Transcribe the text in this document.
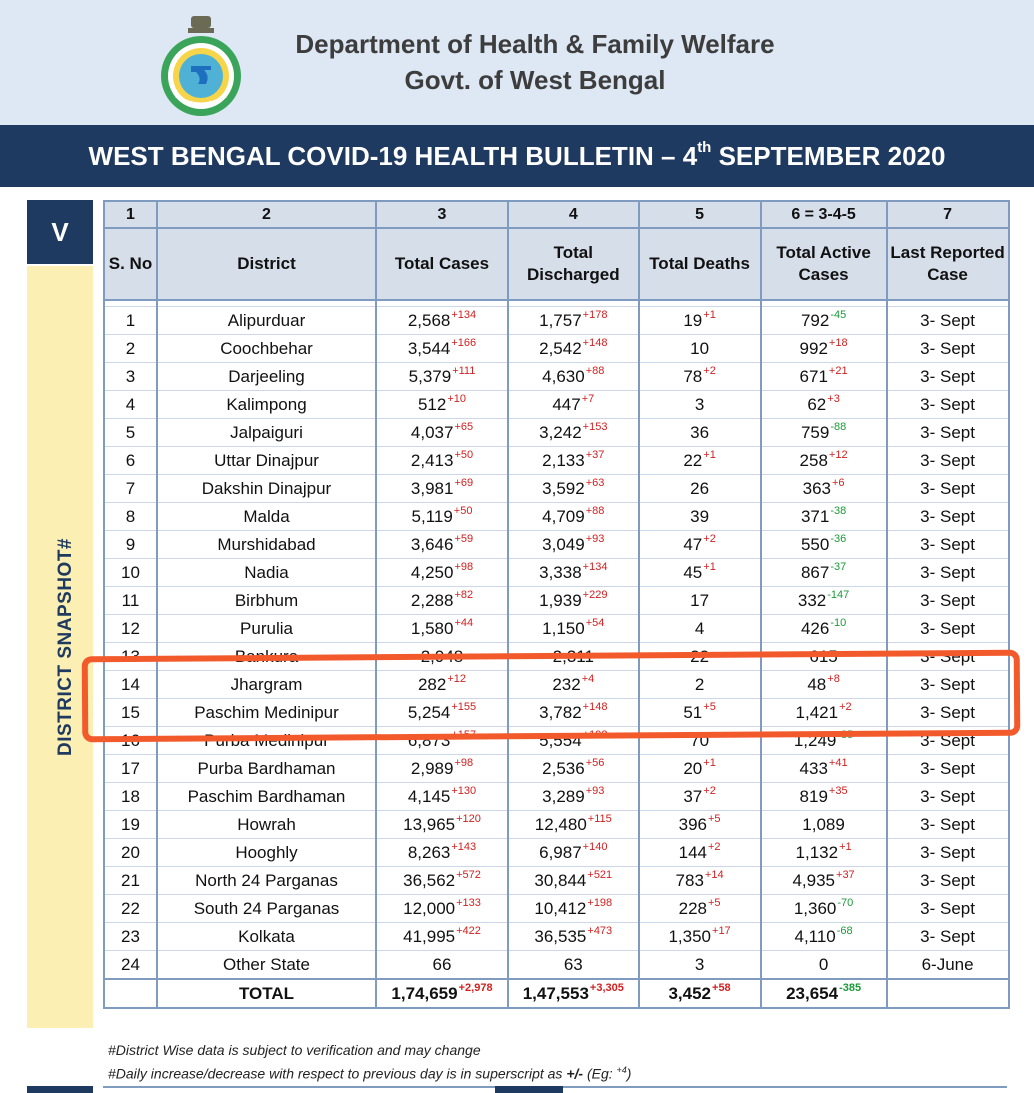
Department of Health & Family Welfare
Govt. of West Bengal
WEST BENGAL COVID-19 HEALTH BULLETIN – 4th SEPTEMBER 2020
V
DISTRICT SNAPSHOT#
1	2	3	4	5	6 = 3-4-5	7
S. No	District	Total Cases	Total Discharged	Total Deaths	Total Active Cases	Last Reported Case

1	Alipurduar	$2,568^{+134}$	$1,757^{+178}$	$19^{+1}$	$792^{-45}$	3- Sept
2	Coochbehar	$3,544^{+166}$	$2,542^{+148}$	10	$992^{+18}$	3- Sept
3	Darjeeling	$5,379^{+111}$	$4,630^{+88}$	$78^{+2}$	$671^{+21}$	3- Sept
4	Kalimpong	$512^{+10}$	$447^{+7}$	3	$62^{+3}$	3- Sept
5	Jalpaiguri	$4,037^{+65}$	$3,242^{+153}$	36	$759^{-88}$	3- Sept
6	Uttar Dinajpur	$2,413^{+50}$	$2,133^{+37}$	$22^{+1}$	$258^{+12}$	3- Sept
7	Dakshin Dinajpur	$3,981^{+69}$	$3,592^{+63}$	26	$363^{+6}$	3- Sept
8	Malda	$5,119^{+50}$	$4,709^{+88}$	39	$371^{-38}$	3- Sept
9	Murshidabad	$3,646^{+59}$	$3,049^{+93}$	$47^{+2}$	$550^{-36}$	3- Sept
10	Nadia	$4,250^{+98}$	$3,338^{+134}$	$45^{+1}$	$867^{-37}$	3- Sept
11	Birbhum	$2,288^{+82}$	$1,939^{+229}$	17	$332^{-147}$	3- Sept
12	Purulia	$1,580^{+44}$	$1,150^{+54}$	4	$426^{-10}$	3- Sept
13	Bankura	2,948	2,311	22	615	3- Sept
14	Jhargram	$282^{+12}$	$232^{+4}$	2	$48^{+8}$	3- Sept
15	Paschim Medinipur	$5,254^{+155}$	$3,782^{+148}$	$51^{+5}$	$1,421^{+2}$	3- Sept
16	Purba Medinipur	$6,873^{+157}$	$5,554^{+192}$	70	$1,249^{-35}$	3- Sept
17	Purba Bardhaman	$2,989^{+98}$	$2,536^{+56}$	$20^{+1}$	$433^{+41}$	3- Sept
18	Paschim Bardhaman	$4,145^{+130}$	$3,289^{+93}$	$37^{+2}$	$819^{+35}$	3- Sept
19	Howrah	$13,965^{+120}$	$12,480^{+115}$	$396^{+5}$	1,089	3- Sept
20	Hooghly	$8,263^{+143}$	$6,987^{+140}$	$144^{+2}$	$1,132^{+1}$	3- Sept
21	North 24 Parganas	$36,562^{+572}$	$30,844^{+521}$	$783^{+14}$	$4,935^{+37}$	3- Sept
22	South 24 Parganas	$12,000^{+133}$	$10,412^{+198}$	$228^{+5}$	$1,360^{-70}$	3- Sept
23	Kolkata	$41,995^{+422}$	$36,535^{+473}$	$1,350^{+17}$	$4,110^{-68}$	3- Sept
24	Other State	66	63	3	0	6-June
	TOTAL	$1,74,659^{+2,978}$	$1,47,553^{+3,305}$	$3,452^{+58}$	$23,654^{-385}$	
#District Wise data is subject to verification and may change
#Daily increase/decrease with respect to previous day is in superscript as +/- (Eg: $^{+4}$)
